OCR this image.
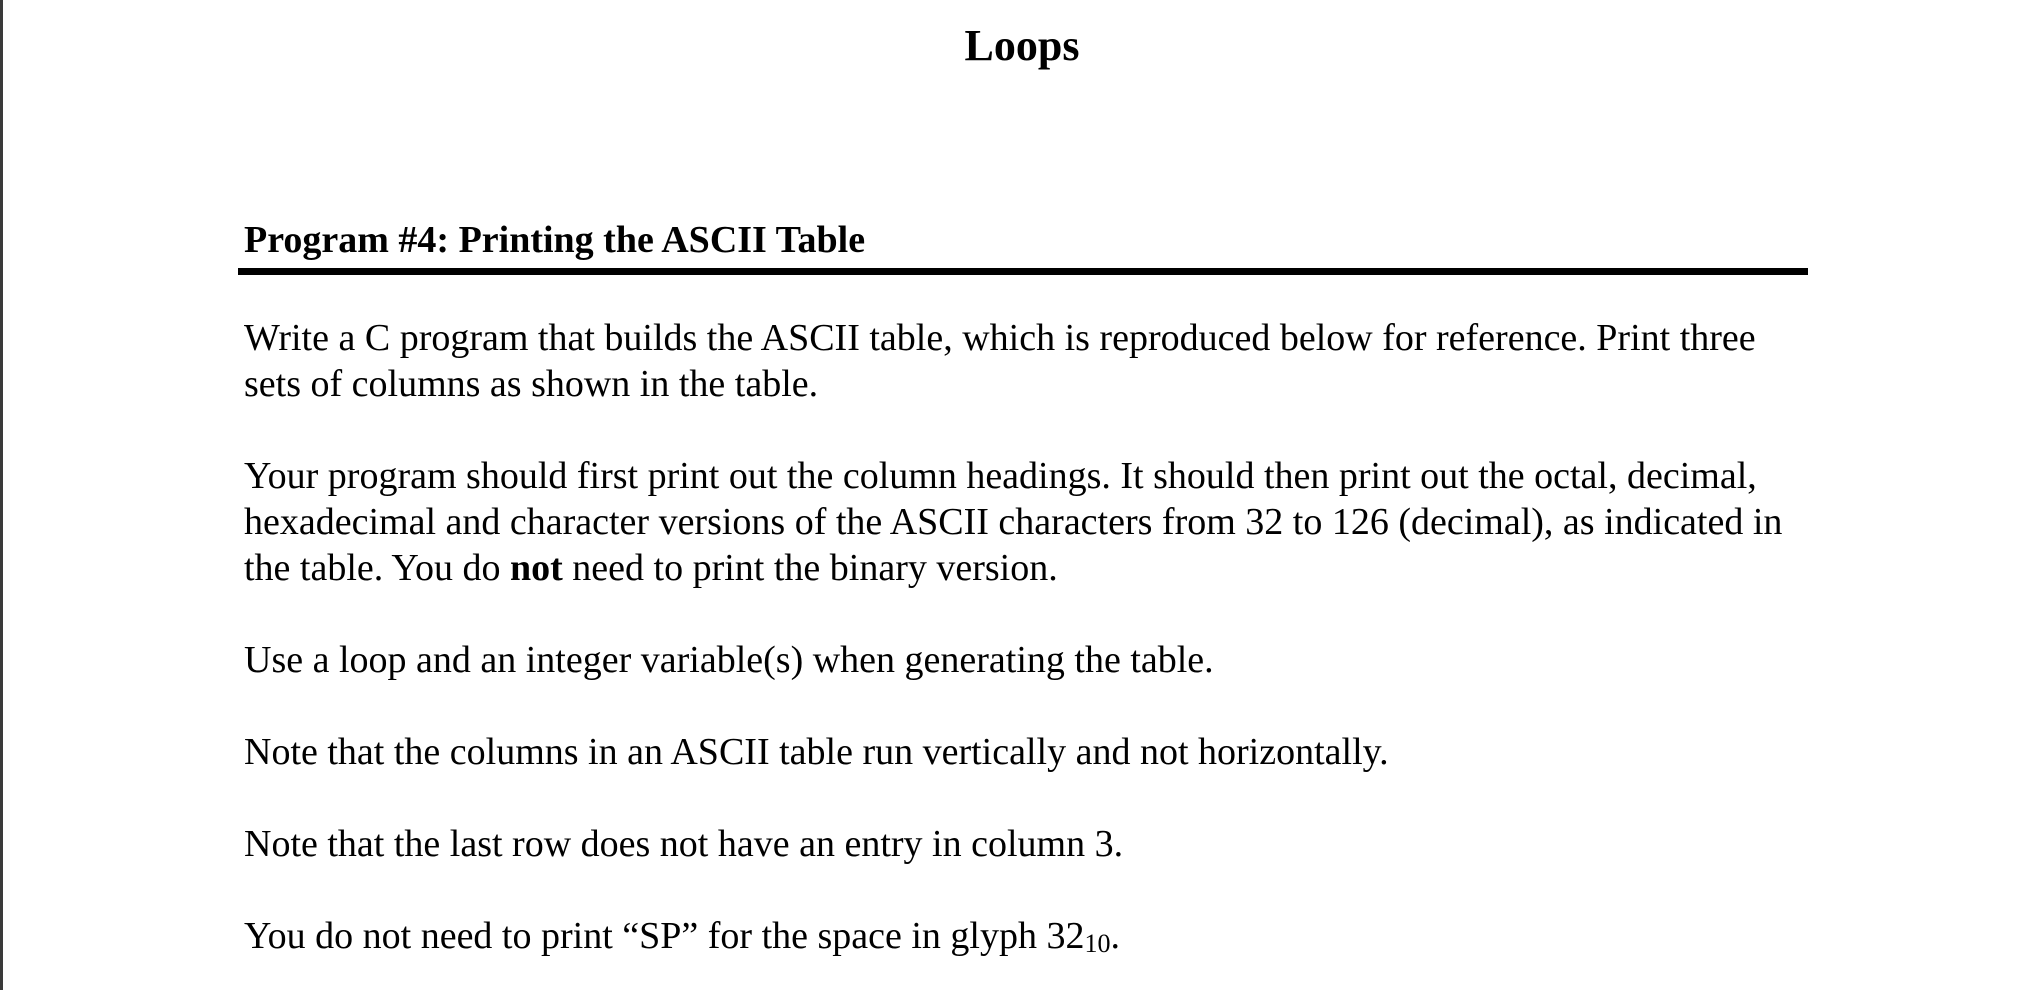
Loops
Program #4: Printing the ASCII Table

Write a C program that builds the ASCII table, which is reproduced below for reference. Print three sets of columns as shown in the table.

Your program should first print out the column headings. It should then print out the octal, decimal, hexadecimal and character versions of the ASCII characters from 32 to 126 (decimal), as indicated in the table. You do not need to print the binary version.

Use a loop and an integer variable(s) when generating the table.

Note that the columns in an ASCII table run vertically and not horizontally.

Note that the last row does not have an entry in column 3.

You do not need to print “SP” for the space in glyph $32_{10}$.
